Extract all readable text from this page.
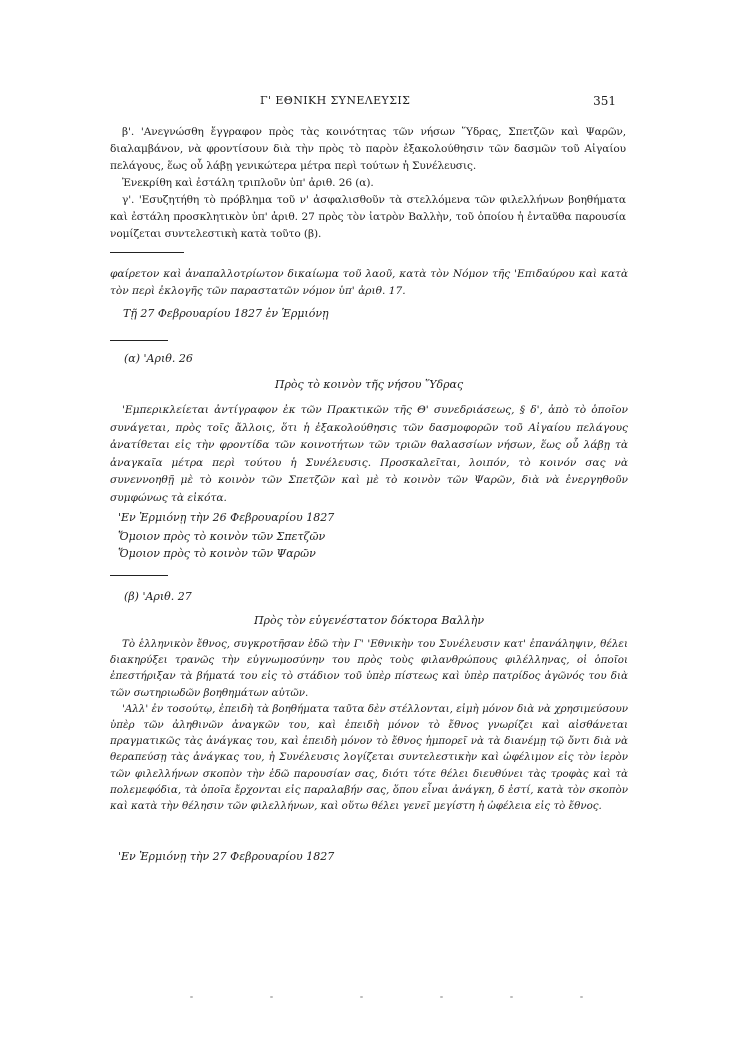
Γ' ΕΘΝΙΚΗ ΣΥΝΕΛΕΥΣΙΣ	351

β'. 'Ανεγνώσθη ἔγγραφον πρὸς τὰς κοινότητας τῶν νήσων Ὕδρας, Σπετζῶν καὶ Ψαρῶν, διαλαμβάνον, νὰ φροντίσουν διὰ τὴν πρὸς τὸ παρὸν ἐξακολούθησιν τῶν δασμῶν τοῦ Αἰγαίου πελάγους, ἕως οὗ λάβῃ γενικώτερα μέτρα περὶ τούτων ἡ Συνέλευσις.

Ἐνεκρίθη καὶ ἐστάλη τριπλοῦν ὑπ' ἀριθ. 26 (α).

γ'. 'Εσυζητήθη τὸ πρόβλημα τοῦ ν' ἀσφαλισθοῦν τὰ στελλόμενα τῶν φιλελλήνων βοηθήματα καὶ ἐστάλη προσκλητικὸν ὑπ' ἀριθ. 27 πρὸς τὸν ἰατρὸν Βαλλὴν, τοῦ ὁποίου ἡ ἐνταῦθα παρουσία νομίζεται συντελεστικὴ κατὰ τοῦτο (β).

φαίρετον καὶ ἀναπαλλοτρίωτον δικαίωμα τοῦ λαοῦ, κατὰ τὸν Νόμον τῆς 'Επιδαύρου καὶ κατὰ τὸν περὶ ἐκλογῆς τῶν παραστατῶν νόμον ὑπ' ἀριθ. 17.

Τῇ 27 Φεβρουαρίου 1827 ἐν Ἑρμιόνῃ
(α) 'Αριθ. 26
Πρὸς τὸ κοινὸν τῆς νήσου Ὕδρας

'Εμπερικλείεται ἀντίγραφον ἐκ τῶν Πρακτικῶν τῆς Θ' συνεδριάσεως, § δ', ἀπὸ τὸ ὁποῖον συνάγεται, πρὸς τοῖς ἄλλοις, ὅτι ἡ ἐξακολούθησις τῶν δασμοφορῶν τοῦ Αἰγαίου πελάγους ἀνατίθεται εἰς τὴν φροντίδα τῶν κοινοτήτων τῶν τριῶν θαλασσίων νήσων, ἕως οὗ λάβῃ τὰ ἀναγκαῖα μέτρα περὶ τούτου ἡ Συνέλευσις. Προσκαλεῖται, λοιπόν, τὸ κοινόν σας νὰ συνεννοηθῇ μὲ τὸ κοινὸν τῶν Σπετζῶν καὶ μὲ τὸ κοινὸν τῶν Ψαρῶν, διὰ νὰ ἐνεργηθοῦν συμφώνως τὰ εἰκότα.

'Εν Ἑρμιόνῃ τὴν 26 Φεβρουαρίου 1827
Ὅμοιον πρὸς τὸ κοινὸν τῶν Σπετζῶν
Ὅμοιον πρὸς τὸ κοινὸν τῶν Ψαρῶν
(β) 'Αριθ. 27
Πρὸς τὸν εὐγενέστατον δόκτορα Βαλλὴν

Τὸ ἑλληνικὸν ἔθνος, συγκροτῆσαν ἐδῶ τὴν Γ' 'Εθνικὴν του Συνέλευσιν κατ' ἐπανάληψιν, θέλει διακηρύξει τρανῶς τὴν εὐγνωμοσύνην του πρὸς τοὺς φιλανθρώπους φιλέλληνας, οἱ ὁποῖοι ἐπεστήριξαν τὰ βήματά του εἰς τὸ στάδιον τοῦ ὑπὲρ πίστεως καὶ ὑπὲρ πατρίδος ἀγῶνός του διὰ τῶν σωτηριωδῶν βοηθημάτων αὐτῶν.

'Αλλ' ἐν τοσούτῳ, ἐπειδὴ τὰ βοηθήματα ταῦτα δὲν στέλλονται, εἰμὴ μόνον διὰ νὰ χρησιμεύσουν ὑπὲρ τῶν ἀληθινῶν ἀναγκῶν του, καὶ ἐπειδὴ μόνον τὸ ἔθνος γνωρίζει καὶ αἰσθάνεται πραγματικῶς τὰς ἀνάγκας του, καὶ ἐπειδὴ μόνον τὸ ἔθνος ἠμπορεῖ νὰ τὰ διανέμῃ τῷ ὄντι διὰ νὰ θεραπεύσῃ τὰς ἀνάγκας του, ἡ Συνέλευσις λογίζεται συντελεστικὴν καὶ ὠφέλιμον εἰς τὸν ἱερὸν τῶν φιλελλήνων σκοπὸν τὴν ἐδῶ παρουσίαν σας, διότι τότε θέλει διευθύνει τὰς τροφὰς καὶ τὰ πολεμεφόδια, τὰ ὁποῖα ἔρχονται εἰς παραλαβήν σας, ὅπου εἶναι ἀνάγκη, δ ἐστί, κατὰ τὸν σκοπὸν καὶ κατὰ τὴν θέλησιν τῶν φιλελλήνων, καὶ οὕτω θέλει γενεῖ μεγίστη ἡ ὠφέλεια εἰς τὸ ἔθνος.

'Εν Ἑρμιόνῃ τὴν 27 Φεβρουαρίου 1827
